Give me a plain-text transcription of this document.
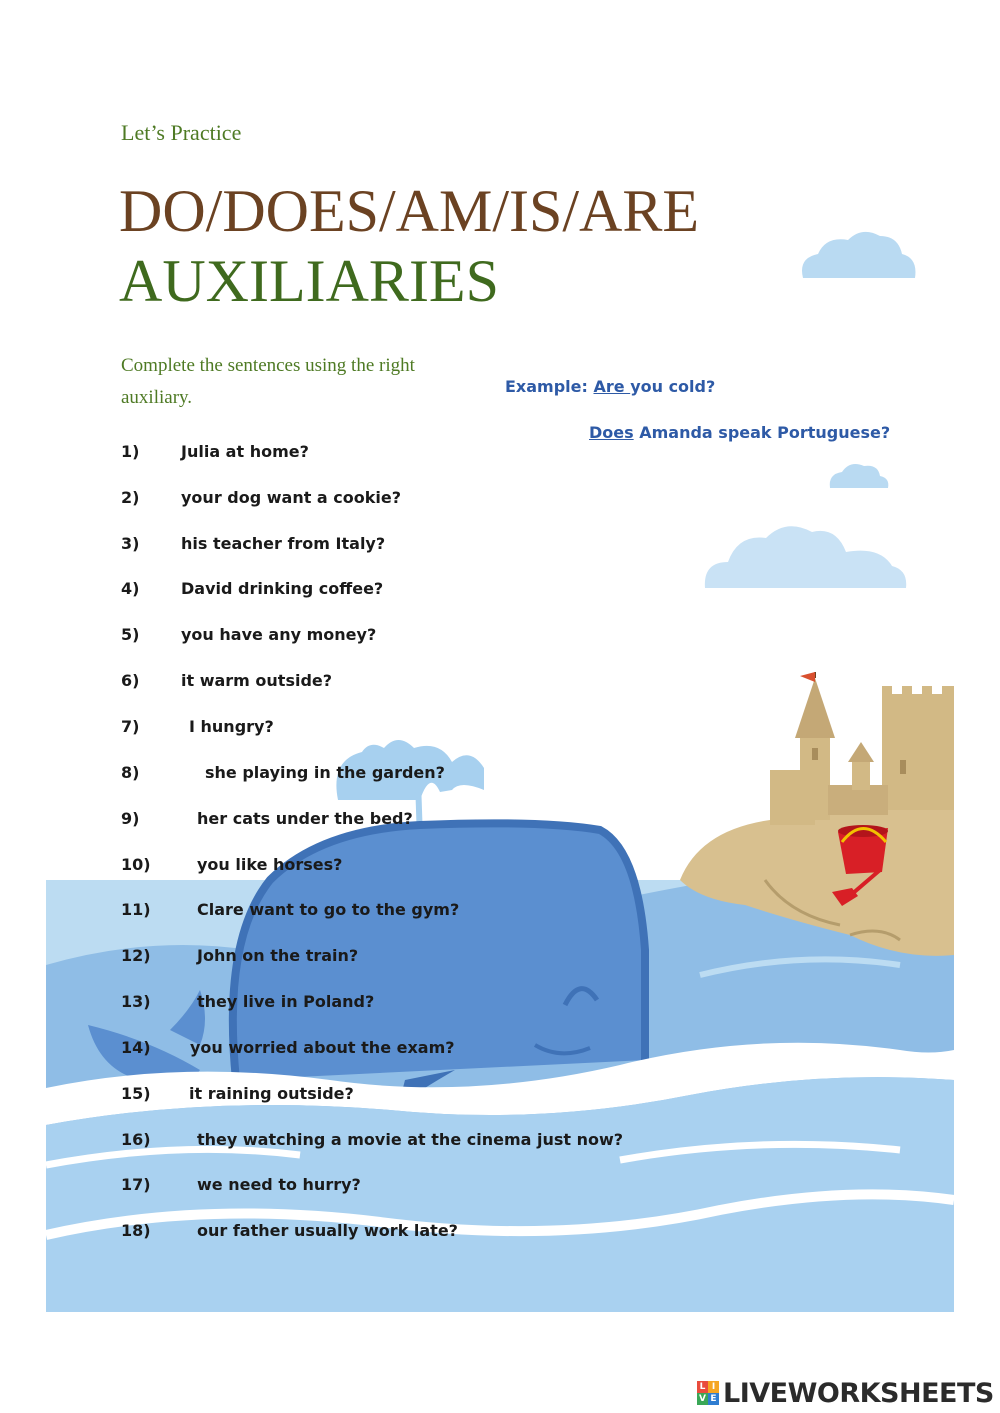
Let’s Practice
DO/DOES/AM/IS/ARE
AUXILIARIES
Complete the sentences using the right auxiliary.
Example: Are you cold?
Does Amanda speak Portuguese?
1)	Julia at home?
2)	your dog want a cookie?
3)	his teacher from Italy?
4)	David drinking coffee?
5)	you have any money?
6)	it warm outside?
7)	I hungry?
8)	she playing in the garden?
9)	her cats under the bed?
10)	you like horses?
11)	Clare want to go to the gym?
12)	John on the train?
13)	they live in Poland?
14) you worried about the exam?
15) it raining outside?
16)	they watching a movie at the cinema just now?
17)	we need to hurry?
18)	our father usually work late?
L I
V E LIVEWORKSHEETS
